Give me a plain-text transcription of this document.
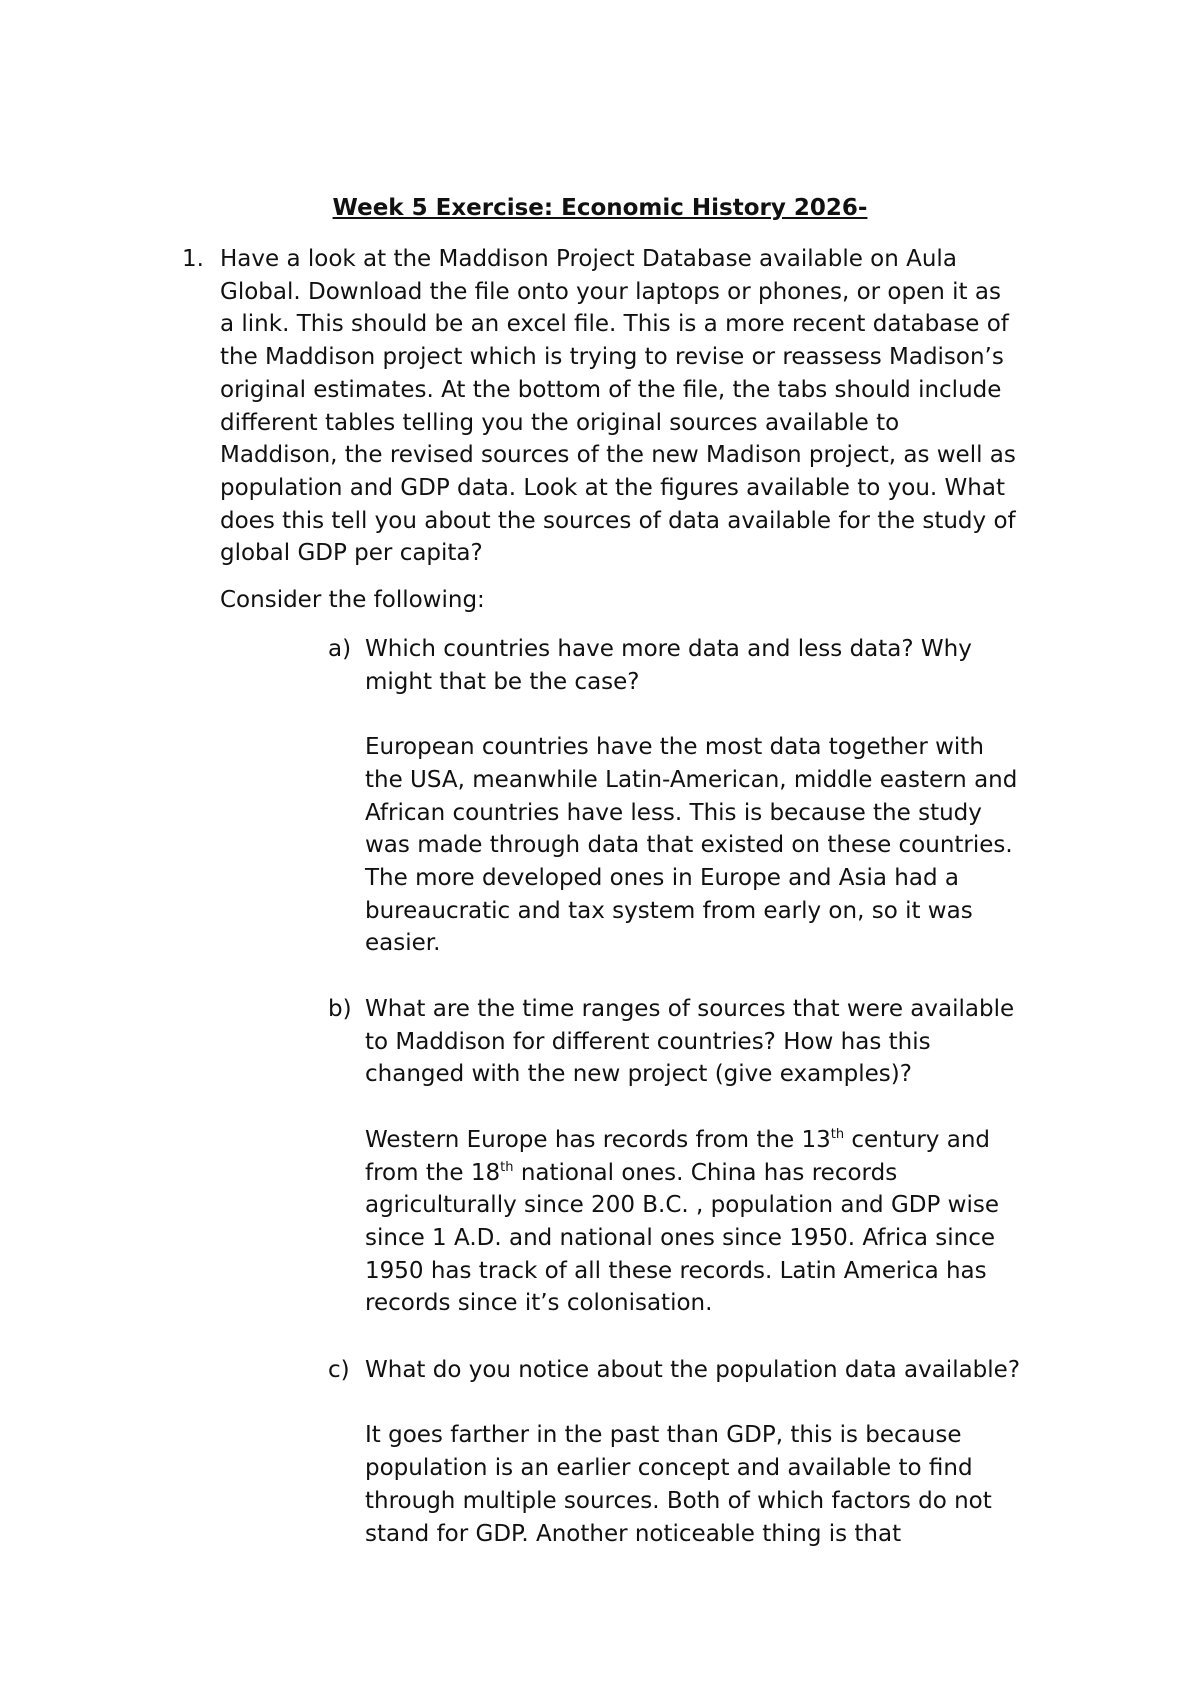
Week 5 Exercise: Economic History 2026-
1. Have a look at the Maddison Project Database available on Aula
Global. Download the file onto your laptops or phones, or open it as
a link. This should be an excel file. This is a more recent database of
the Maddison project which is trying to revise or reassess Madison’s
original estimates. At the bottom of the file, the tabs should include
different tables telling you the original sources available to
Maddison, the revised sources of the new Madison project, as well as
population and GDP data. Look at the figures available to you. What
does this tell you about the sources of data available for the study of
global GDP per capita?
Consider the following:
a) Which countries have more data and less data? Why
might that be the case?
European countries have the most data together with
the USA, meanwhile Latin-American, middle eastern and
African countries have less. This is because the study
was made through data that existed on these countries.
The more developed ones in Europe and Asia had a
bureaucratic and tax system from early on, so it was
easier.
b) What are the time ranges of sources that were available
to Maddison for different countries? How has this
changed with the new project (give examples)?
Western Europe has records from the 13th century and
from the 18th national ones. China has records
agriculturally since 200 B.C. , population and GDP wise
since 1 A.D. and national ones since 1950. Africa since
1950 has track of all these records. Latin America has
records since it’s colonisation.
c) What do you notice about the population data available?
It goes farther in the past than GDP, this is because
population is an earlier concept and available to find
through multiple sources. Both of which factors do not
stand for GDP. Another noticeable thing is that
